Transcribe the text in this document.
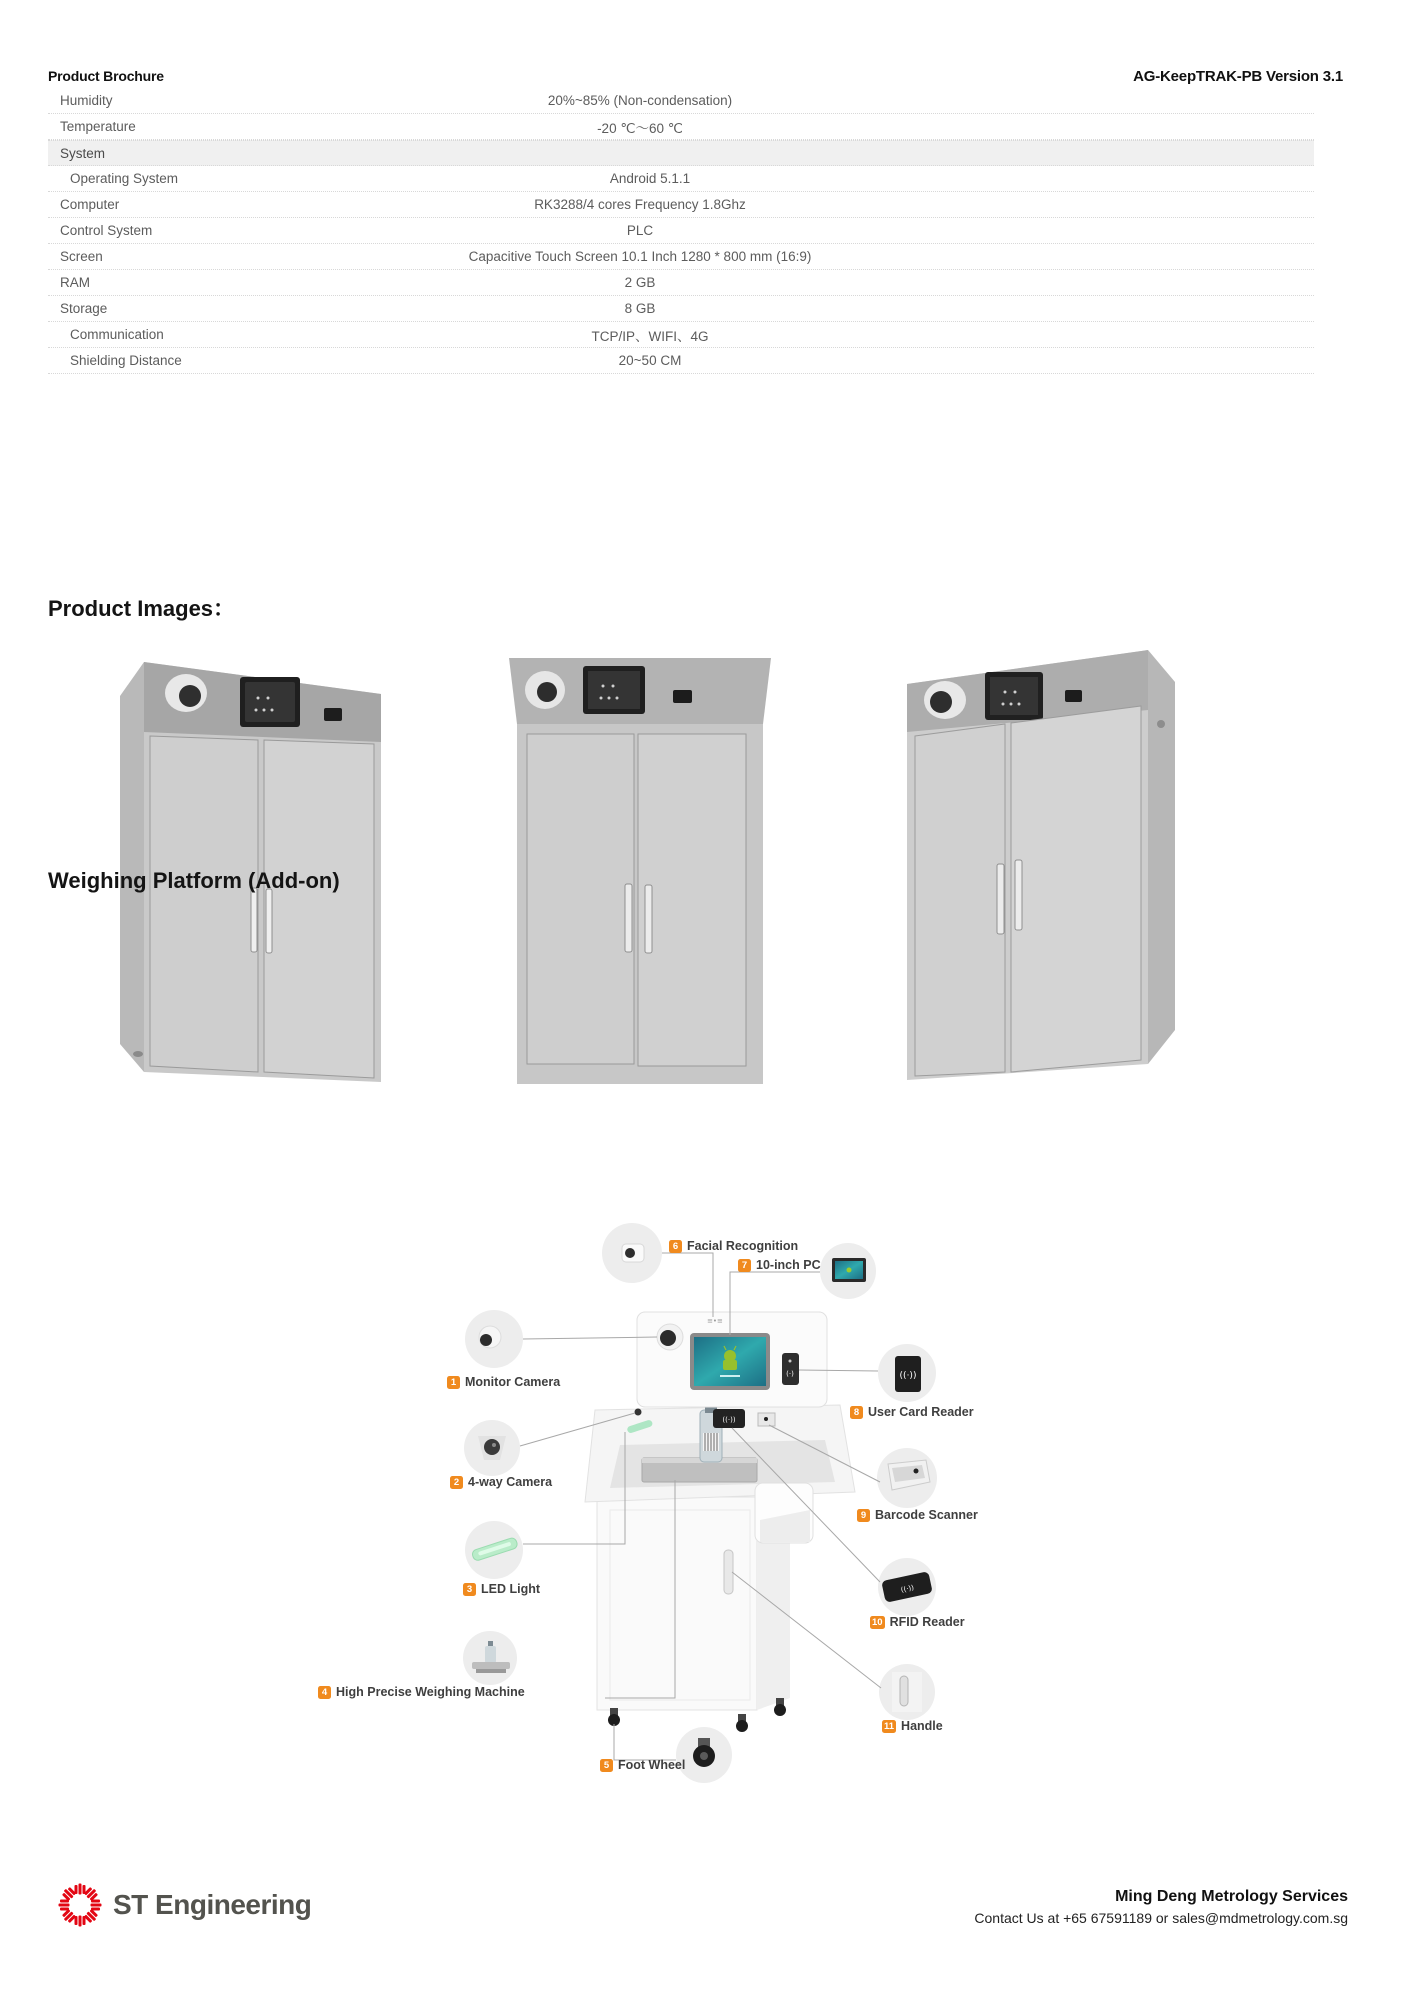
Product Brochure	AG-KeepTRAK-PB Version 3.1
Humidity	20%~85% (Non-condensation)
Temperature	-20 ℃～60 ℃
System
Operating System	Android 5.1.1
Computer	RK3288/4 cores Frequency 1.8Ghz
Control System	PLC
Screen	Capacitive Touch Screen 10.1 Inch 1280 * 800 mm (16:9)
RAM	2 GB
Storage	8 GB
Communication	TCP/IP、WIFI、4G
Shielding Distance	20~50 CM
Product Images：
Weighing Platform (Add-on)
((·))
((·))
((·))
≡•≡
(·)
1 Monitor Camera
2 4-way Camera
3 LED Light
4 High Precise Weighing Machine
5 Foot Wheel
6 Facial Recognition
7 10-inch PC
8 User Card Reader
9 Barcode Scanner
10 RFID Reader
11 Handle
ST Engineering	Ming Deng Metrology Services
Contact Us at +65 67591189 or sales@mdmetrology.com.sg
